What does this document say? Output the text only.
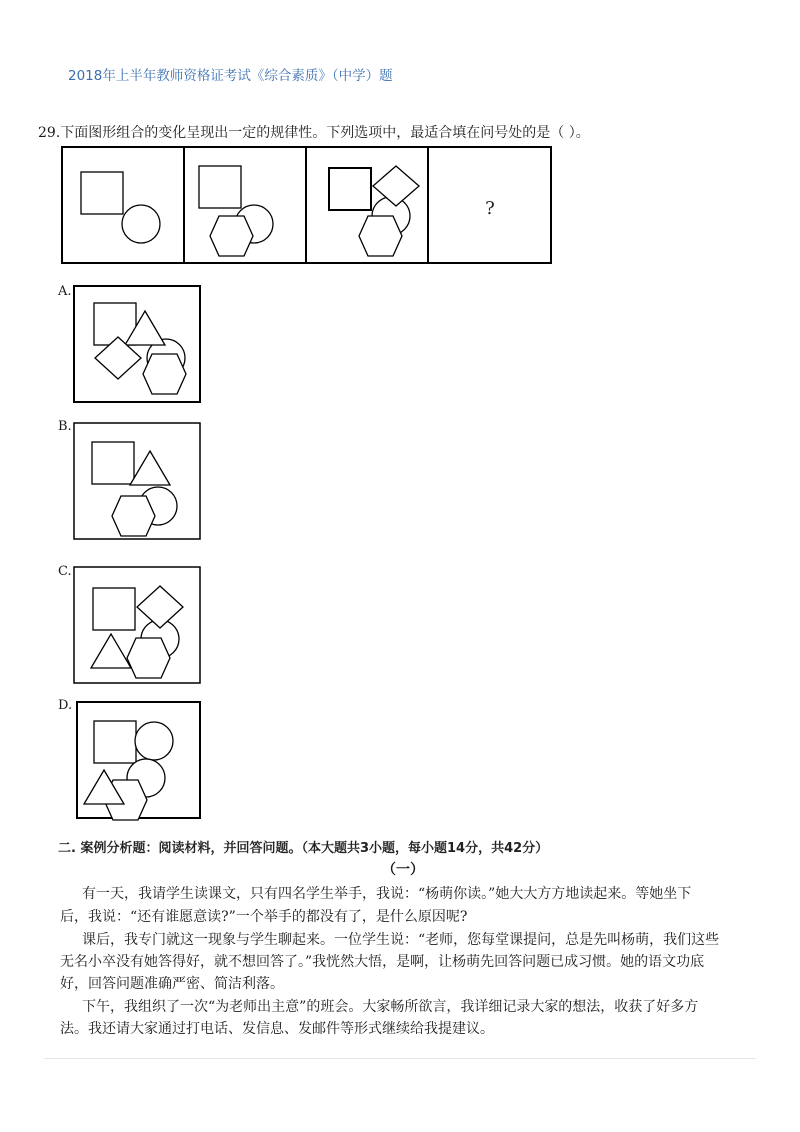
2018年上半年教师资格证考试《综合素质》（中学）题
29.下面图形组合的变化呈现出一定的规律性。下列选项中，最适合填在问号处的是（ ）。
?
A.
B.
C.
D.
二. 案例分析题：阅读材料，并回答问题。（本大题共3小题，每小题14分，共42分）
（一）
有一天，我请学生读课文，只有四名学生举手，我说：“杨萌你读。”她大大方方地读起来。等她坐下
后，我说：“还有谁愿意读?”一个举手的都没有了，是什么原因呢?
课后，我专门就这一现象与学生聊起来。一位学生说：“老师，您每堂课提问，总是先叫杨萌，我们这些
无名小卒没有她答得好，就不想回答了。”我恍然大悟，是啊，让杨萌先回答问题已成习惯。她的语文功底
好，回答问题准确严密、简洁利落。
下午，我组织了一次“为老师出主意”的班会。大家畅所欲言，我详细记录大家的想法，收获了好多方
法。我还请大家通过打电话、发信息、发邮件等形式继续给我提建议。
